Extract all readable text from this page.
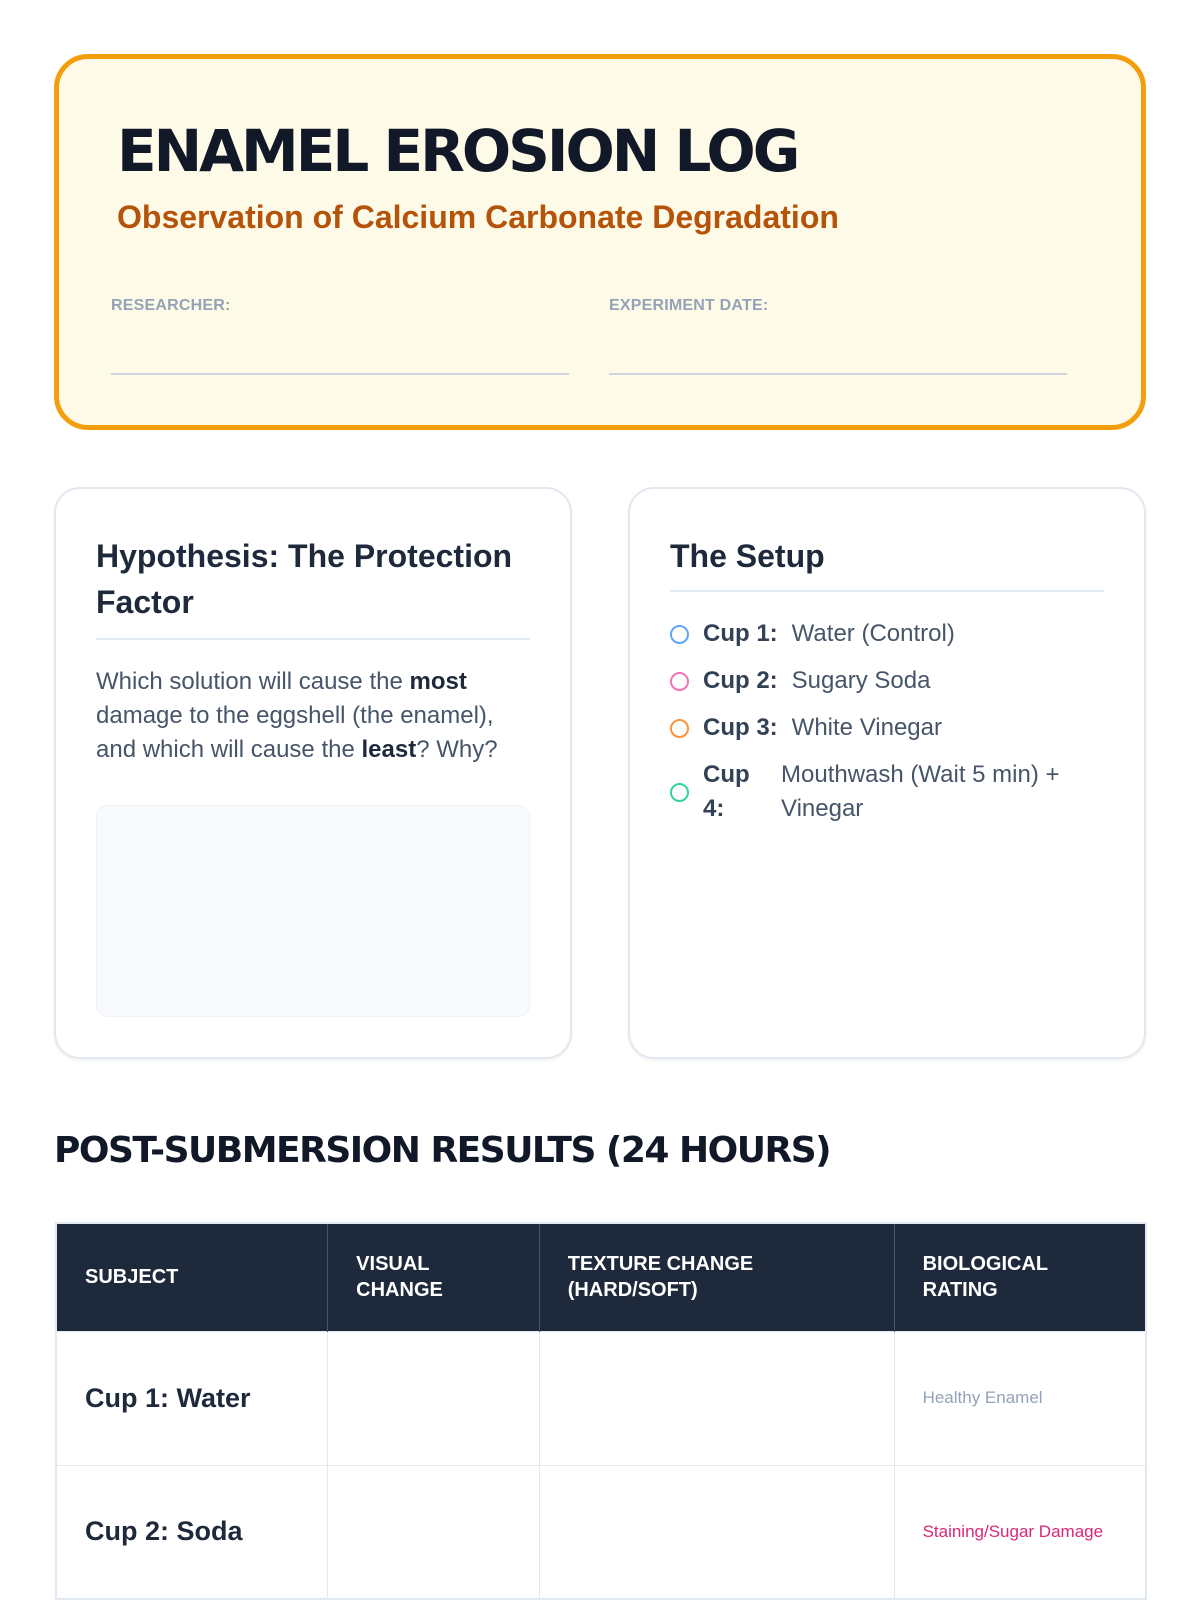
ENAMEL EROSION LOG
Observation of Calcium Carbonate Degradation
RESEARCHER:	EXPERIMENT DATE:
Hypothesis: The Protection Factor

Which solution will cause the most damage to the eggshell (the enamel), and which will cause the least? Why?

The Setup
Cup 1: Water (Control)
Cup 2: Sugary Soda
Cup 3: White Vinegar
Cup 4:
Mouthwash (Wait 5 min) + Vinegar
POST-SUBMERSION RESULTS (24 HOURS)
SUBJECT	VISUAL CHANGE	TEXTURE CHANGE (HARD/SOFT)	BIOLOGICAL RATING
Cup 1: Water			Healthy Enamel
Cup 2: Soda			Staining/Sugar Damage
